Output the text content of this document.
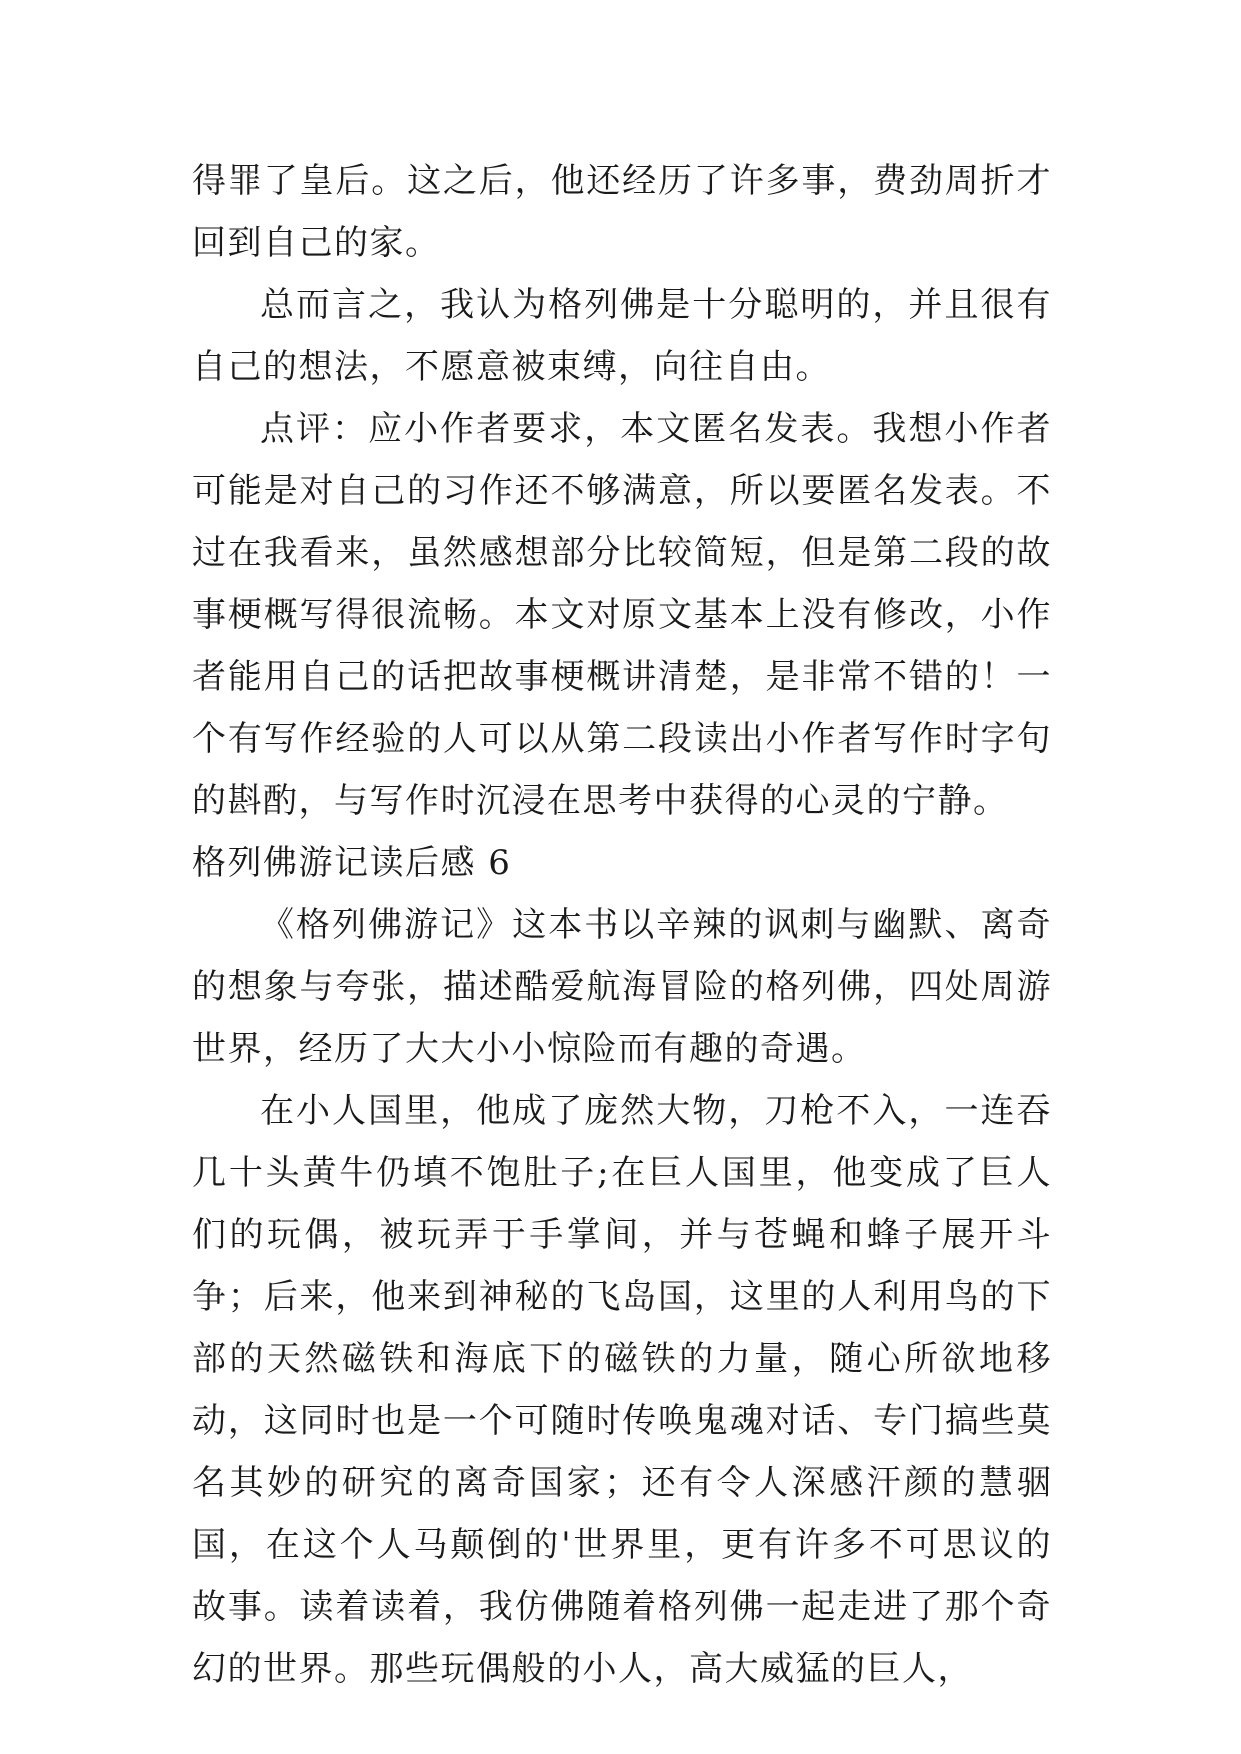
得罪了皇后。这之后，他还经历了许多事，费劲周折才回到自己的家。

总而言之，我认为格列佛是十分聪明的，并且很有自己的想法，不愿意被束缚，向往自由。

点评：应小作者要求，本文匿名发表。我想小作者可能是对自己的习作还不够满意，所以要匿名发表。不过在我看来，虽然感想部分比较简短，但是第二段的故事梗概写得很流畅。本文对原文基本上没有修改，小作者能用自己的话把故事梗概讲清楚，是非常不错的！一个有写作经验的人可以从第二段读出小作者写作时字句的斟酌，与写作时沉浸在思考中获得的心灵的宁静。

格列佛游记读后感 6

《格列佛游记》这本书以辛辣的讽刺与幽默、离奇的想象与夸张，描述酷爱航海冒险的格列佛，四处周游世界，经历了大大小小惊险而有趣的奇遇。

在小人国里，他成了庞然大物，刀枪不入，一连吞几十头黄牛仍填不饱肚子;在巨人国里，他变成了巨人们的玩偶，被玩弄于手掌间，并与苍蝇和蜂子展开斗争；后来，他来到神秘的飞岛国，这里的人利用鸟的下部的天然磁铁和海底下的磁铁的力量，随心所欲地移动，这同时也是一个可随时传唤鬼魂对话、专门搞些莫名其妙的研究的离奇国家；还有令人深感汗颜的慧骃国，在这个人马颠倒的'世界里，更有许多不可思议的故事。读着读着，我仿佛随着格列佛一起走进了那个奇幻的世界。那些玩偶般的小人，高大威猛的巨人，
